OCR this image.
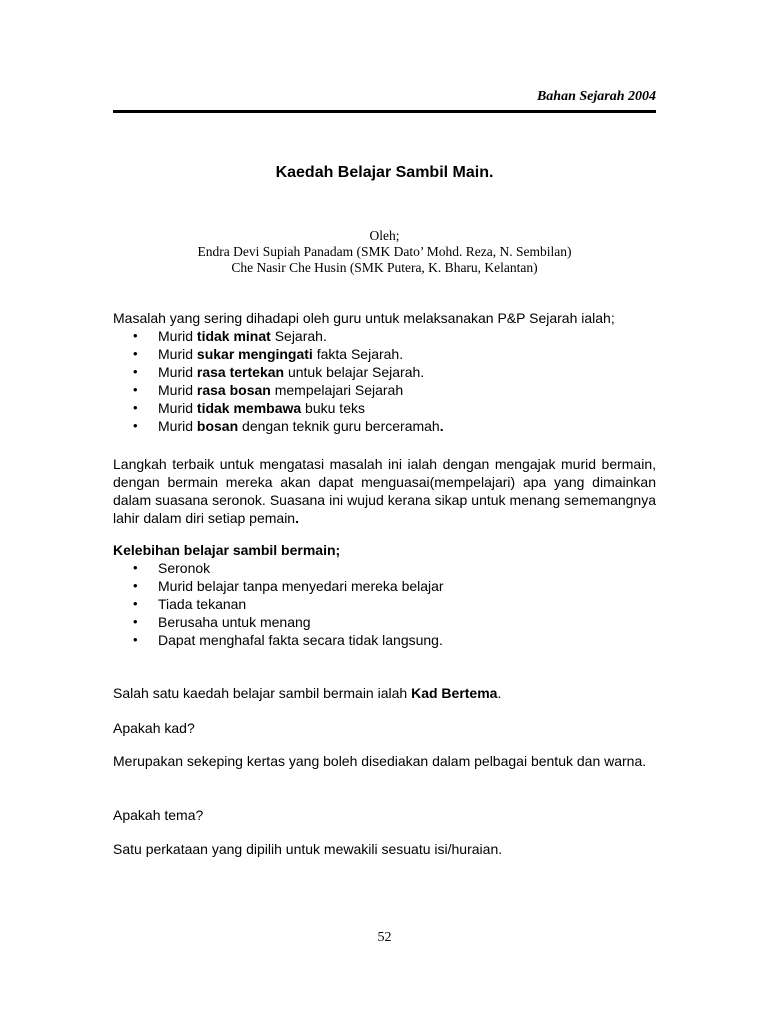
Bahan Sejarah 2004
Kaedah Belajar Sambil Main.
Oleh;
Endra Devi Supiah Panadam (SMK Dato’ Mohd. Reza, N. Sembilan)
Che Nasir Che Husin (SMK Putera, K. Bharu, Kelantan)

Masalah yang sering dihadapi oleh guru untuk melaksanakan P&P Sejarah ialah;

• Murid tidak minat Sejarah.
• Murid sukar mengingati fakta Sejarah.
• Murid rasa tertekan untuk belajar Sejarah.
• Murid rasa bosan mempelajari Sejarah
• Murid tidak membawa buku teks
• Murid bosan dengan teknik guru berceramah.

Langkah terbaik untuk mengatasi masalah ini ialah dengan mengajak murid bermain, dengan bermain mereka akan dapat menguasai(mempelajari) apa yang dimainkan dalam suasana seronok. Suasana ini wujud kerana sikap untuk menang sememangnya lahir dalam diri setiap pemain.

Kelebihan belajar sambil bermain;

• Seronok
• Murid belajar tanpa menyedari mereka belajar
• Tiada tekanan
• Berusaha untuk menang
• Dapat menghafal fakta secara tidak langsung.

Salah satu kaedah belajar sambil bermain ialah Kad Bertema.

Apakah kad?

Merupakan sekeping kertas yang boleh disediakan dalam pelbagai bentuk dan warna.

Apakah tema?

Satu perkataan yang dipilih untuk mewakili sesuatu isi/huraian.

52
